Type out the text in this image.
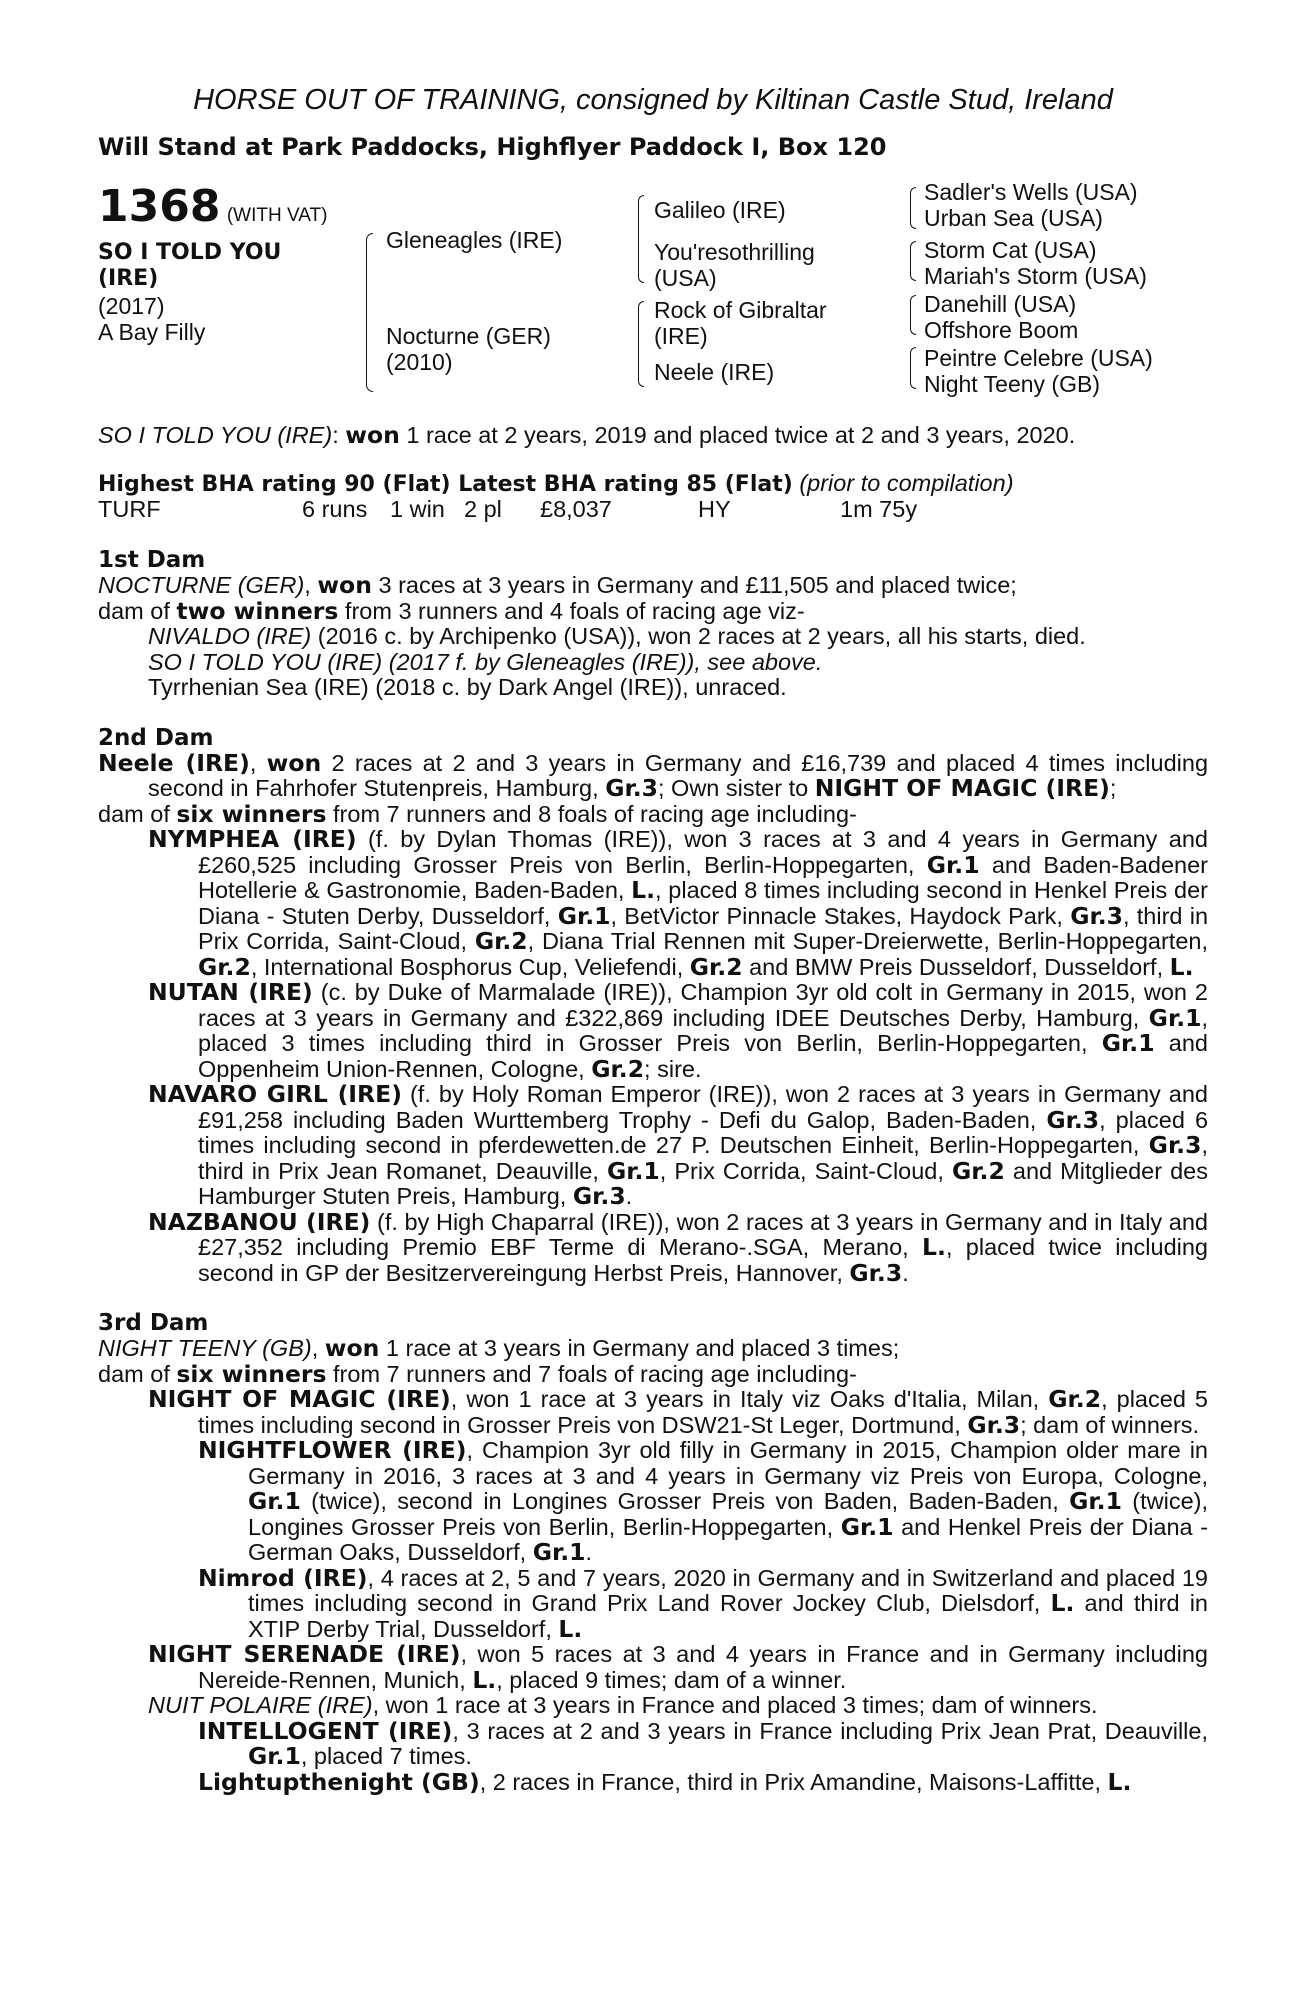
HORSE OUT OF TRAINING, consigned by Kiltinan Castle Stud, Ireland
Will Stand at Park Paddocks, Highflyer Paddock I, Box 120
1368 (WITH VAT)
SO I TOLD YOU
(IRE)
(2017)
A Bay Filly
Gleneagles (IRE)
Nocturne (GER)
(2010)
Galileo (IRE)
You'resothrilling
(USA)
Rock of Gibraltar
(IRE)
Neele (IRE)
Sadler's Wells (USA)
Urban Sea (USA)
Storm Cat (USA)
Mariah's Storm (USA)
Danehill (USA)
Offshore Boom
Peintre Celebre (USA)
Night Teeny (GB)
SO I TOLD YOU (IRE): won 1 race at 2 years, 2019 and placed twice at 2 and 3 years, 2020.
Highest BHA rating 90 (Flat) Latest BHA rating 85 (Flat) (prior to compilation)
TURF	6 runs 1 win 2 pl £8,037	HY	1m 75y
1st Dam
NOCTURNE (GER), won 3 races at 3 years in Germany and £11,505 and placed twice;
dam of two winners from 3 runners and 4 foals of racing age viz-
NIVALDO (IRE) (2016 c. by Archipenko (USA)), won 2 races at 2 years, all his starts, died.
SO I TOLD YOU (IRE) (2017 f. by Gleneagles (IRE)), see above.
Tyrrhenian Sea (IRE) (2018 c. by Dark Angel (IRE)), unraced.
2nd Dam
Neele (IRE), won 2 races at 2 and 3 years in Germany and £16,739 and placed 4 times including second in Fahrhofer Stutenpreis, Hamburg, Gr.3; Own sister to NIGHT OF MAGIC (IRE);
dam of six winners from 7 runners and 8 foals of racing age including-
NYMPHEA (IRE) (f. by Dylan Thomas (IRE)), won 3 races at 3 and 4 years in Germany and £260,525 including Grosser Preis von Berlin, Berlin-Hoppegarten, Gr.1 and Baden-Badener Hotellerie & Gastronomie, Baden-Baden, L., placed 8 times including second in Henkel Preis der Diana - Stuten Derby, Dusseldorf, Gr.1, BetVictor Pinnacle Stakes, Haydock Park, Gr.3, third in Prix Corrida, Saint-Cloud, Gr.2, Diana Trial Rennen mit Super-Dreierwette, Berlin-Hoppegarten, Gr.2, International Bosphorus Cup, Veliefendi, Gr.2 and BMW Preis Dusseldorf, Dusseldorf, L.
NUTAN (IRE) (c. by Duke of Marmalade (IRE)), Champion 3yr old colt in Germany in 2015, won 2 races at 3 years in Germany and £322,869 including IDEE Deutsches Derby, Hamburg, Gr.1, placed 3 times including third in Grosser Preis von Berlin, Berlin-Hoppegarten, Gr.1 and Oppenheim Union-Rennen, Cologne, Gr.2; sire.
NAVARO GIRL (IRE) (f. by Holy Roman Emperor (IRE)), won 2 races at 3 years in Germany and £91,258 including Baden Wurttemberg Trophy - Defi du Galop, Baden-Baden, Gr.3, placed 6 times including second in pferdewetten.de 27 P. Deutschen Einheit, Berlin-Hoppegarten, Gr.3, third in Prix Jean Romanet, Deauville, Gr.1, Prix Corrida, Saint-Cloud, Gr.2 and Mitglieder des Hamburger Stuten Preis, Hamburg, Gr.3.
NAZBANOU (IRE) (f. by High Chaparral (IRE)), won 2 races at 3 years in Germany and in Italy and £27,352 including Premio EBF Terme di Merano-.SGA, Merano, L., placed twice including second in GP der Besitzervereingung Herbst Preis, Hannover, Gr.3.
3rd Dam
NIGHT TEENY (GB), won 1 race at 3 years in Germany and placed 3 times;
dam of six winners from 7 runners and 7 foals of racing age including-
NIGHT OF MAGIC (IRE), won 1 race at 3 years in Italy viz Oaks d'Italia, Milan, Gr.2, placed 5 times including second in Grosser Preis von DSW21-St Leger, Dortmund, Gr.3; dam of winners.
NIGHTFLOWER (IRE), Champion 3yr old filly in Germany in 2015, Champion older mare in Germany in 2016, 3 races at 3 and 4 years in Germany viz Preis von Europa, Cologne, Gr.1 (twice), second in Longines Grosser Preis von Baden, Baden-Baden, Gr.1 (twice), Longines Grosser Preis von Berlin, Berlin-Hoppegarten, Gr.1 and Henkel Preis der Diana - German Oaks, Dusseldorf, Gr.1.
Nimrod (IRE), 4 races at 2, 5 and 7 years, 2020 in Germany and in Switzerland and placed 19 times including second in Grand Prix Land Rover Jockey Club, Dielsdorf, L. and third in XTIP Derby Trial, Dusseldorf, L.
NIGHT SERENADE (IRE), won 5 races at 3 and 4 years in France and in Germany including Nereide-Rennen, Munich, L., placed 9 times; dam of a winner.
NUIT POLAIRE (IRE), won 1 race at 3 years in France and placed 3 times; dam of winners.
INTELLOGENT (IRE), 3 races at 2 and 3 years in France including Prix Jean Prat, Deauville, Gr.1, placed 7 times.
Lightupthenight (GB), 2 races in France, third in Prix Amandine, Maisons-Laffitte, L.
